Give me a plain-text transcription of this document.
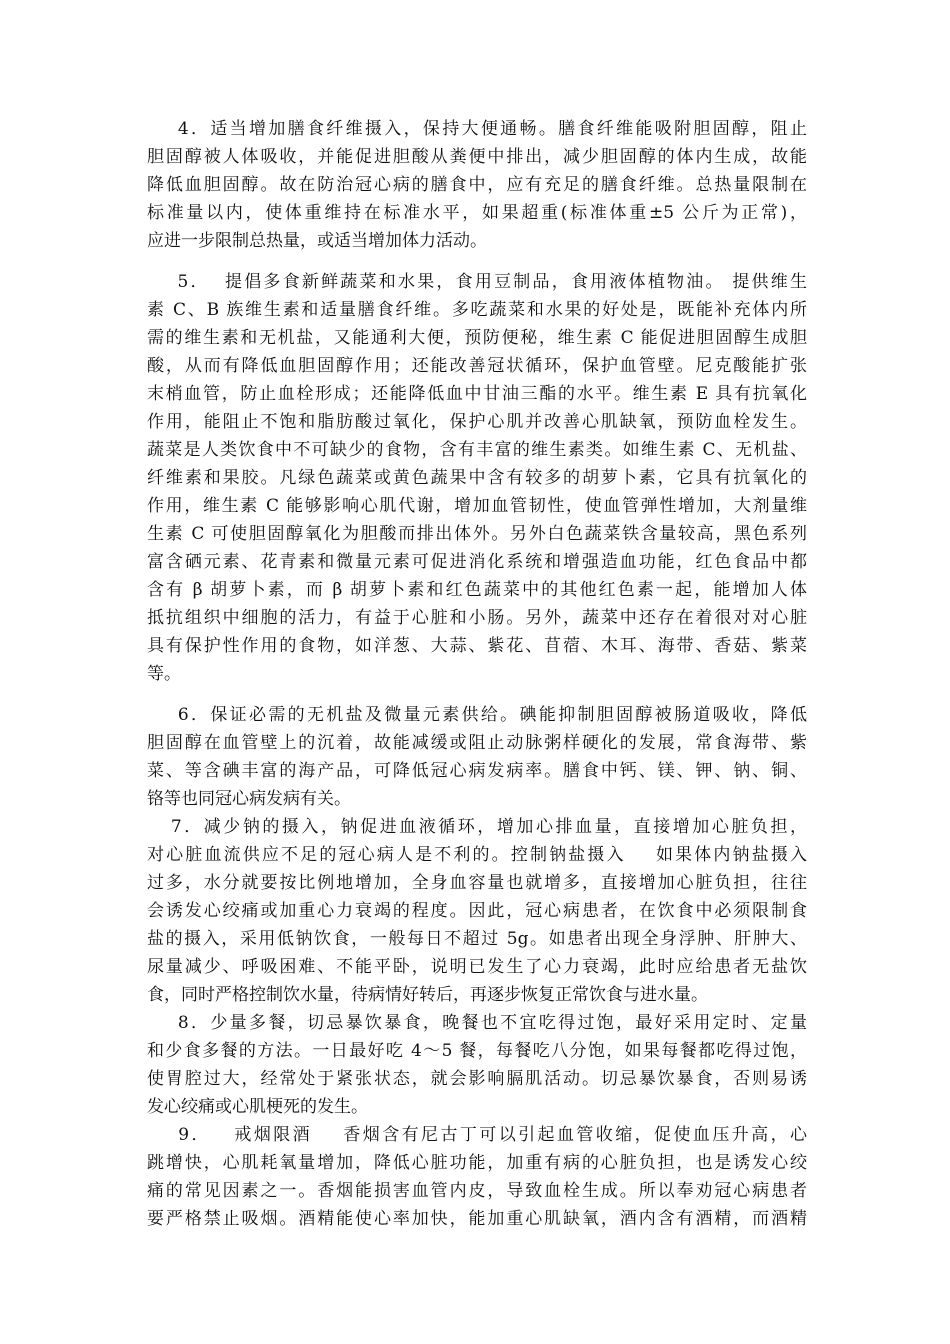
4．适当增加膳食纤维摄入，保持大便通畅。膳食纤维能吸附胆固醇，阻止
胆固醇被人体吸收，并能促进胆酸从粪便中排出，减少胆固醇的体内生成，故能
降低血胆固醇。故在防治冠心病的膳食中，应有充足的膳食纤维。总热量限制在
标准量以内，使体重维持在标准水平，如果超重(标准体重±5 公斤为正常)，
应进一步限制总热量，或适当增加体力活动。
5．  提倡多食新鲜蔬菜和水果，食用豆制品，食用液体植物油。 提供维生
素 C、B 族维生素和适量膳食纤维。多吃蔬菜和水果的好处是，既能补充体内所
需的维生素和无机盐，又能通利大便，预防便秘，维生素 C 能促进胆固醇生成胆
酸，从而有降低血胆固醇作用；还能改善冠状循环，保护血管壁。尼克酸能扩张
末梢血管，防止血栓形成；还能降低血中甘油三酯的水平。维生素 E 具有抗氧化
作用，能阻止不饱和脂肪酸过氧化，保护心肌并改善心肌缺氧，预防血栓发生。
蔬菜是人类饮食中不可缺少的食物，含有丰富的维生素类。如维生素 C、无机盐、
纤维素和果胶。凡绿色蔬菜或黄色蔬果中含有较多的胡萝卜素，它具有抗氧化的
作用，维生素 C 能够影响心肌代谢，增加血管韧性，使血管弹性增加，大剂量维
生素 C 可使胆固醇氧化为胆酸而排出体外。另外白色蔬菜铁含量较高，黑色系列
富含硒元素、花青素和微量元素可促进消化系统和增强造血功能，红色食品中都
含有 β 胡萝卜素，而 β 胡萝卜素和红色蔬菜中的其他红色素一起，能增加人体
抵抗组织中细胞的活力，有益于心脏和小肠。另外，蔬菜中还存在着很对对心脏
具有保护性作用的食物，如洋葱、大蒜、紫花、苜蓿、木耳、海带、香菇、紫菜
等。
6．保证必需的无机盐及微量元素供给。碘能抑制胆固醇被肠道吸收，降低
胆固醇在血管壁上的沉着，故能减缓或阻止动脉粥样硬化的发展，常食海带、紫
菜、等含碘丰富的海产品，可降低冠心病发病率。膳食中钙、镁、钾、钠、铜、
铬等也同冠心病发病有关。
7．减少钠的摄入，钠促进血液循环，增加心排血量，直接增加心脏负担，
对心脏血流供应不足的冠心病人是不利的。控制钠盐摄入    如果体内钠盐摄入
过多，水分就要按比例地增加，全身血容量也就增多，直接增加心脏负担，往往
会诱发心绞痛或加重心力衰竭的程度。因此，冠心病患者，在饮食中必须限制食
盐的摄入，采用低钠饮食，一般每日不超过 5g。如患者出现全身浮肿、肝肿大、
尿量减少、呼吸困难、不能平卧，说明已发生了心力衰竭，此时应给患者无盐饮
食，同时严格控制饮水量，待病情好转后，再逐步恢复正常饮食与进水量。
8．少量多餐，切忌暴饮暴食，晚餐也不宜吃得过饱，最好采用定时、定量
和少食多餐的方法。一日最好吃 4～5 餐，每餐吃八分饱，如果每餐都吃得过饱，
使胃腔过大，经常处于紧张状态，就会影响膈肌活动。切忌暴饮暴食，否则易诱
发心绞痛或心肌梗死的发生。
9．   戒烟限酒    香烟含有尼古丁可以引起血管收缩，促使血压升高，心
跳增快，心肌耗氧量增加，降低心脏功能，加重有病的心脏负担，也是诱发心绞
痛的常见因素之一。香烟能损害血管内皮，导致血栓生成。所以奉劝冠心病患者
要严格禁止吸烟。酒精能使心率加快，能加重心肌缺氧，酒内含有酒精，而酒精
